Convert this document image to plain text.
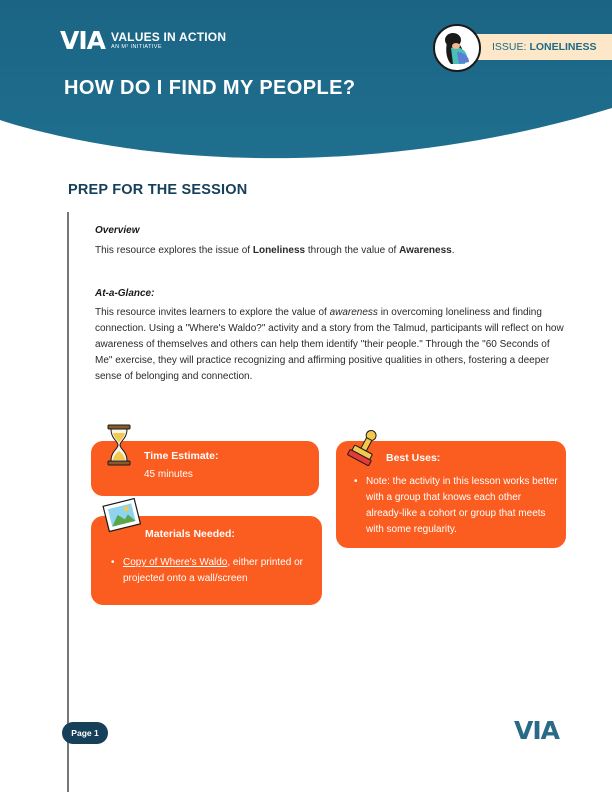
VIA VALUES IN ACTION
AN M² INITIATIVE
HOW DO I FIND MY PEOPLE?
ISSUE: LONELINESS
PREP FOR THE SESSION
Overview
This resource explores the issue of Loneliness through the value of Awareness.
At-a-Glance:
This resource invites learners to explore the value of awareness in overcoming loneliness and finding connection. Using a "Where's Waldo?" activity and a story from the Talmud, participants will reflect on how awareness of themselves and others can help them identify "their people." Through the "60 Seconds of Me" exercise, they will practice recognizing and affirming positive qualities in others, fostering a deeper sense of belonging and connection.
Time Estimate:
45 minutes
Materials Needed:
• Copy of Where's Waldo, either printed or projected onto a wall/screen
Best Uses:
• Note: the activity in this lesson works better with a group that knows each other already-like a cohort or group that meets with some regularity.
Page 1	VIA
